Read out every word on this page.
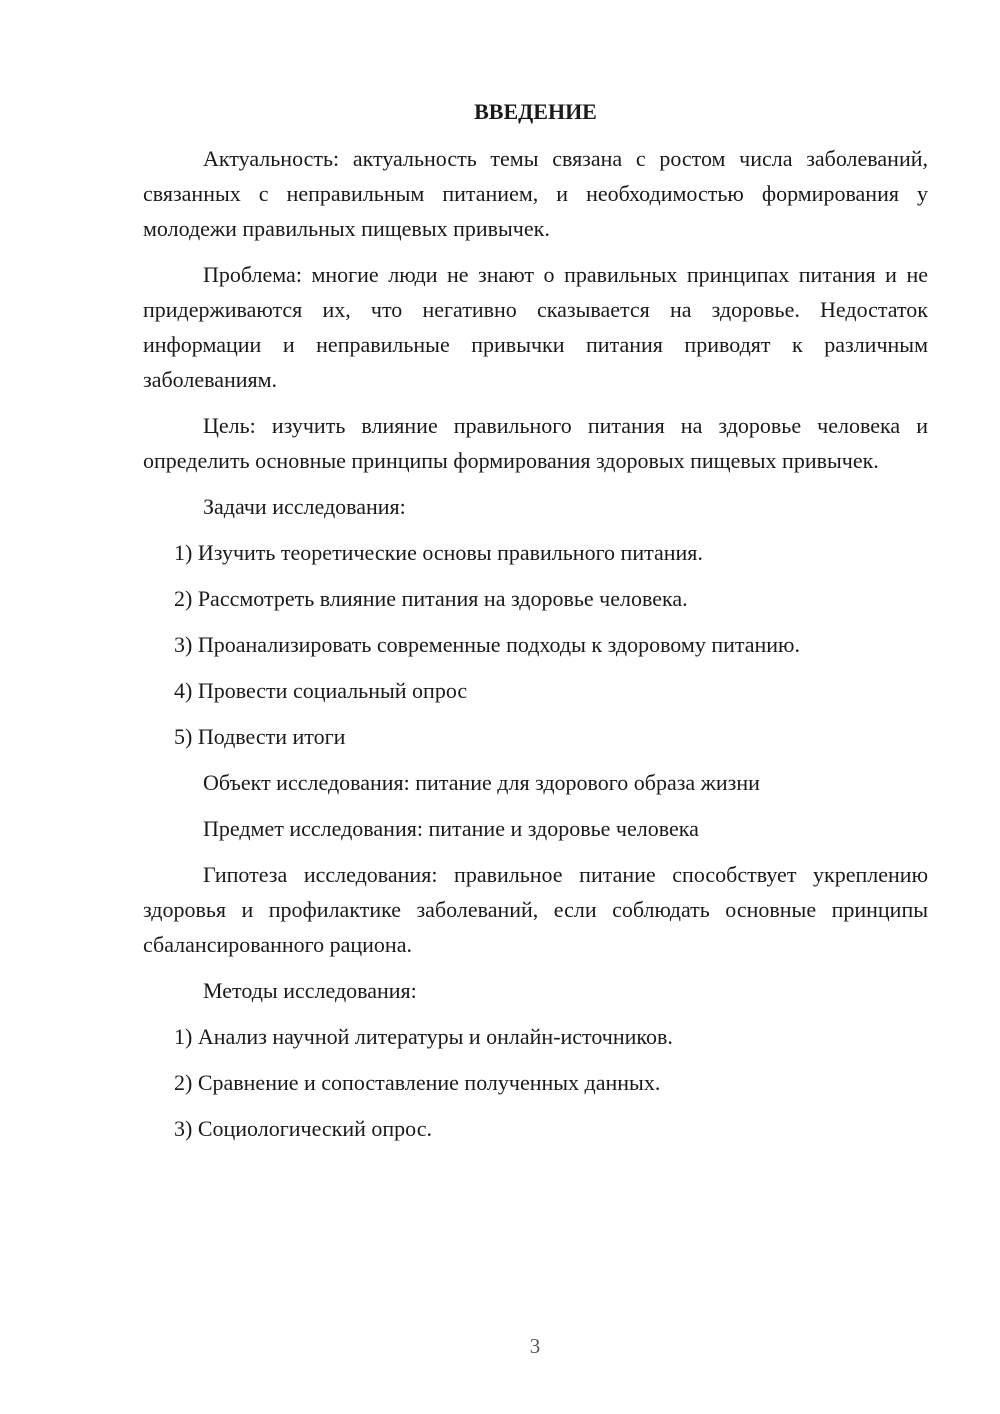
ВВЕДЕНИЕ

Актуальность: актуальность темы связана с ростом числа заболеваний, связанных с неправильным питанием, и необходимостью формирования у молодежи правильных пищевых привычек.

Проблема: многие люди не знают о правильных принципах питания и не придерживаются их, что негативно сказывается на здоровье. Недостаток информации и неправильные привычки питания приводят к различным заболеваниям.

Цель: изучить влияние правильного питания на здоровье человека и определить основные принципы формирования здоровых пищевых привычек.

Задачи исследования:

1) Изучить теоретические основы правильного питания.

2) Рассмотреть влияние питания на здоровье человека.

3) Проанализировать современные подходы к здоровому питанию.

4) Провести социальный опрос

5) Подвести итоги

Объект исследования: питание для здорового образа жизни

Предмет исследования: питание и здоровье человека

Гипотеза исследования: правильное питание способствует укреплению здоровья и профилактике заболеваний, если соблюдать основные принципы сбалансированного рациона.

Методы исследования:

1) Анализ научной литературы и онлайн-источников.

2) Сравнение и сопоставление полученных данных.

3) Социологический опрос.

3
